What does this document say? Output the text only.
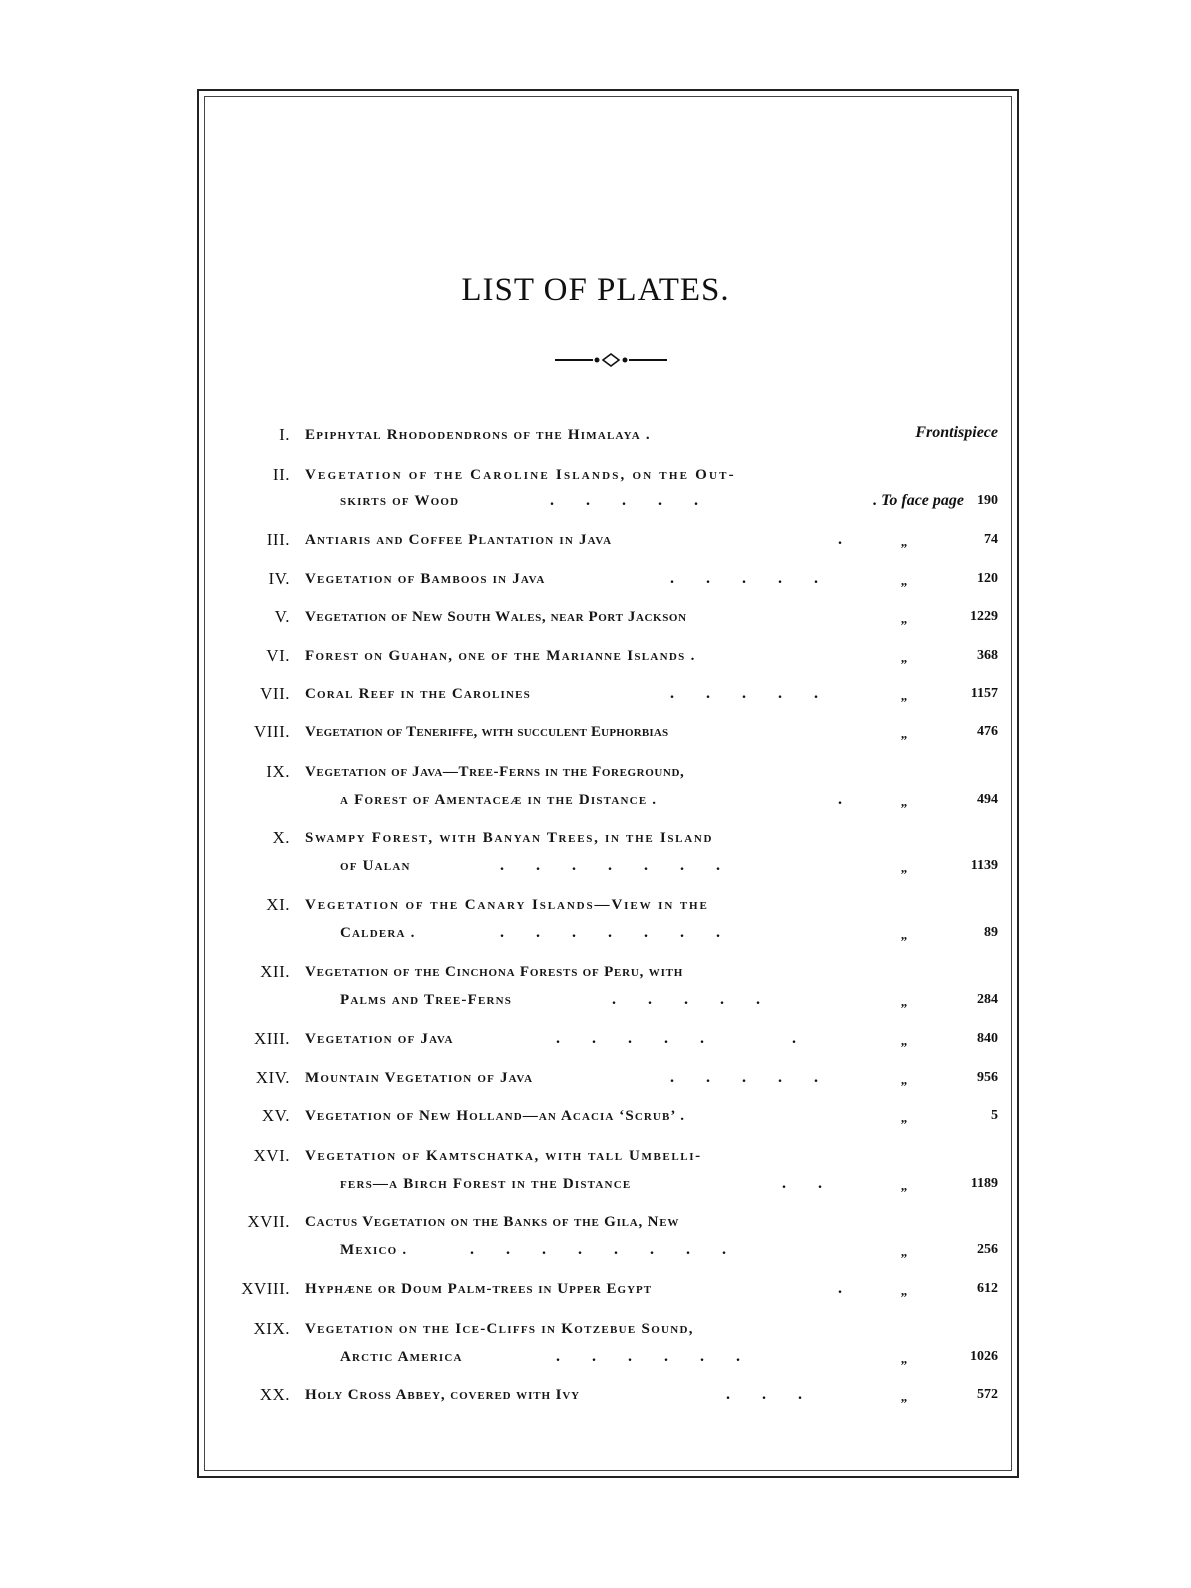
LIST OF PLATES.
I. Epiphytal Rhododendrons of the Himalaya .	Frontispiece
II. Vegetation of the Caroline Islands, on the Out-
skirts of Wood	.        .        .        .        .	. To face page 190
III. Antiaris and Coffee Plantation in Java	.	„	74
IV. Vegetation of Bamboos in Java	.        .        .        .        .	„	120
V. Vegetation of New South Wales, near Port Jackson	„	1229
VI. Forest on Guahan, one of the Marianne Islands .	„	368
VII. Coral Reef in the Carolines	.        .        .        .        .	„	1157
VIII. Vegetation of Teneriffe, with succulent Euphorbias	„	476
IX. Vegetation of Java—Tree-Ferns in the Foreground,
a Forest of Amentaceæ in the Distance .	.	„	494
X. Swampy Forest, with Banyan Trees, in the Island
of Ualan	.        .        .        .        .        .        .	„	1139
XI. Vegetation of the Canary Islands—View in the
Caldera .	.        .        .        .        .        .        .	„	89
XII. Vegetation of the Cinchona Forests of Peru, with
Palms and Tree-Ferns	.        .        .        .        .	„	284
XIII. Vegetation of Java	.        .        .        .        .                      .	„	840
XIV. Mountain Vegetation of Java	.        .        .        .        .	„	956
XV. Vegetation of New Holland—an Acacia ‘Scrub’ .	„	5
XVI. Vegetation of Kamtschatka, with tall Umbelli-
fers—a Birch Forest in the Distance	.        .	„	1189
XVII. Cactus Vegetation on the Banks of the Gila, New
Mexico .	.        .        .        .        .        .        .        .	„	256
XVIII. Hyphæne or Doum Palm-trees in Upper Egypt	.	„	612
XIX. Vegetation on the Ice-Cliffs in Kotzebue Sound,
Arctic America	.        .        .        .        .        .	„	1026
XX. Holy Cross Abbey, covered with Ivy	.        .        .	„	572
